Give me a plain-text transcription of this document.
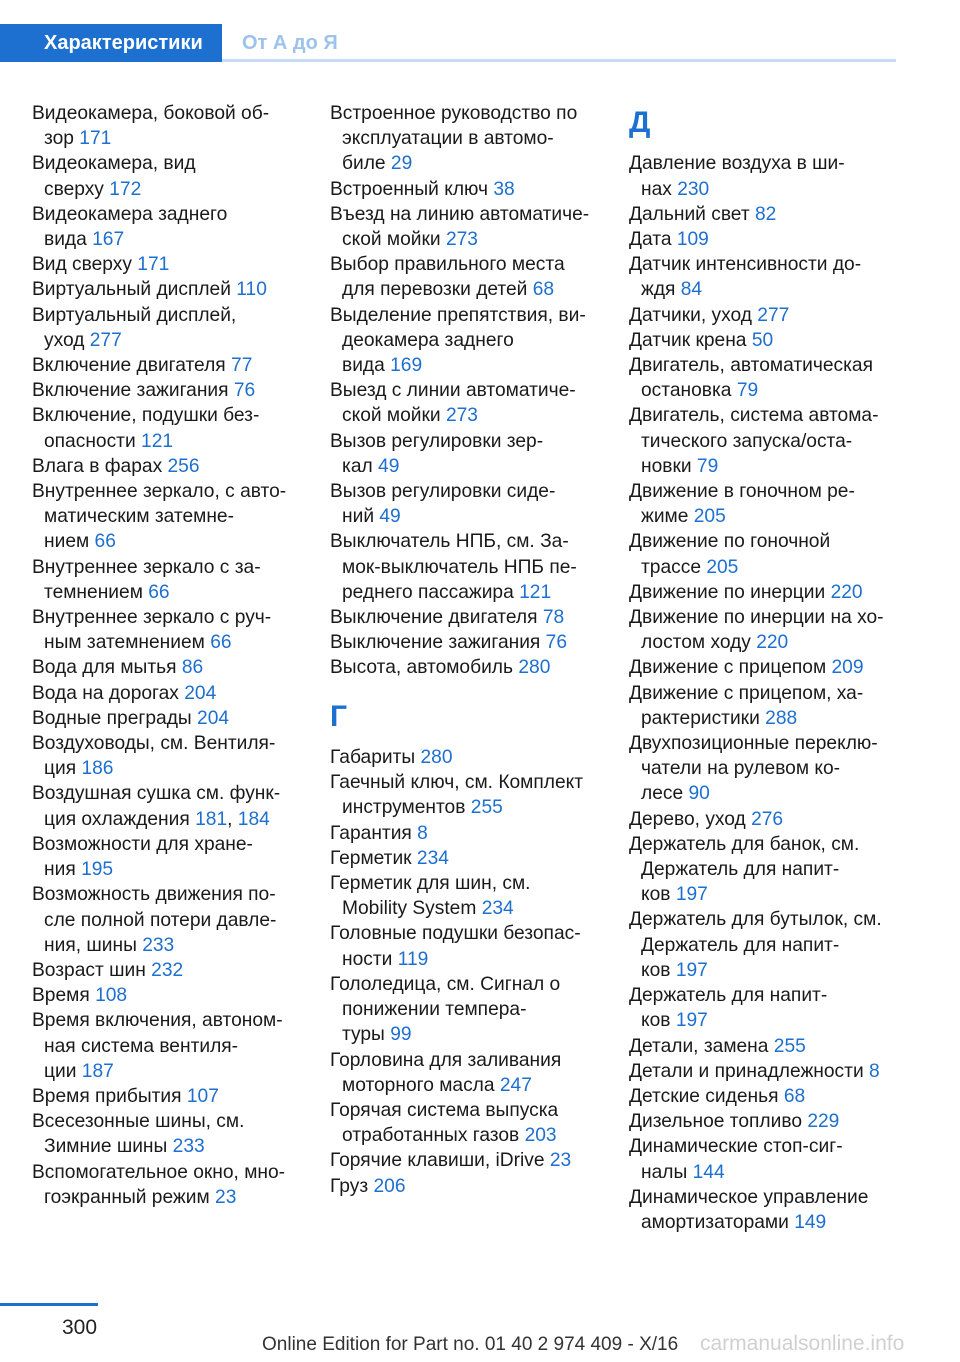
Характеристики	От А до Я
Видеокамера, боковой об-
зор 171
Видеокамера, вид
сверху 172
Видеокамера заднего
вида 167
Вид сверху 171
Виртуальный дисплей 110
Виртуальный дисплей,
уход 277
Включение двигателя 77
Включение зажигания 76
Включение, подушки без-
опасности 121
Влага в фарах 256
Внутреннее зеркало, с авто-
матическим затемне-
нием 66
Внутреннее зеркало с за-
темнением 66
Внутреннее зеркало с руч-
ным затемнением 66
Вода для мытья 86
Вода на дорогах 204
Водные преграды 204
Воздуховоды, см. Вентиля-
ция 186
Воздушная сушка см. функ-
ция охлаждения 181, 184
Возможности для хране-
ния 195
Возможность движения по-
сле полной потери давле-
ния, шины 233
Возраст шин 232
Время 108
Время включения, автоном-
ная система вентиля-
ции 187
Время прибытия 107
Всесезонные шины, см.
Зимние шины 233
Вспомогательное окно, мно-
гоэкранный режим 23
Встроенное руководство по
эксплуатации в автомо-
биле 29
Встроенный ключ 38
Въезд на линию автоматиче-
ской мойки 273
Выбор правильного места
для перевозки детей 68
Выделение препятствия, ви-
деокамера заднего
вида 169
Выезд с линии автоматиче-
ской мойки 273
Вызов регулировки зер-
кал 49
Вызов регулировки сиде-
ний 49
Выключатель НПБ, см. За-
мок-выключатель НПБ пе-
реднего пассажира 121
Выключение двигателя 78
Выключение зажигания 76
Высота, автомобиль 280
Г
Габариты 280
Гаечный ключ, см. Комплект
инструментов 255
Гарантия 8
Герметик 234
Герметик для шин, см.
Mobility System 234
Головные подушки безопас-
ности 119
Гололедица, см. Сигнал о
понижении темпера-
туры 99
Горловина для заливания
моторного масла 247
Горячая система выпуска
отработанных газов 203
Горячие клавиши, iDrive 23
Груз 206
Д
Давление воздуха в ши-
нах 230
Дальний свет 82
Дата 109
Датчик интенсивности до-
ждя 84
Датчики, уход 277
Датчик крена 50
Двигатель, автоматическая
остановка 79
Двигатель, система автома-
тического запуска/оста-
новки 79
Движение в гоночном ре-
жиме 205
Движение по гоночной
трассе 205
Движение по инерции 220
Движение по инерции на хо-
лостом ходу 220
Движение с прицепом 209
Движение с прицепом, ха-
рактеристики 288
Двухпозиционные переклю-
чатели на рулевом ко-
лесе 90
Дерево, уход 276
Держатель для банок, см.
Держатель для напит-
ков 197
Держатель для бутылок, см.
Держатель для напит-
ков 197
Держатель для напит-
ков 197
Детали, замена 255
Детали и принадлежности 8
Детские сиденья 68
Дизельное топливо 229
Динамические стоп-сиг-
налы 144
Динамическое управление
амортизаторами 149
300
Online Edition for Part no. 01 40 2 974 409 - X/16 carmanualsonline.info
